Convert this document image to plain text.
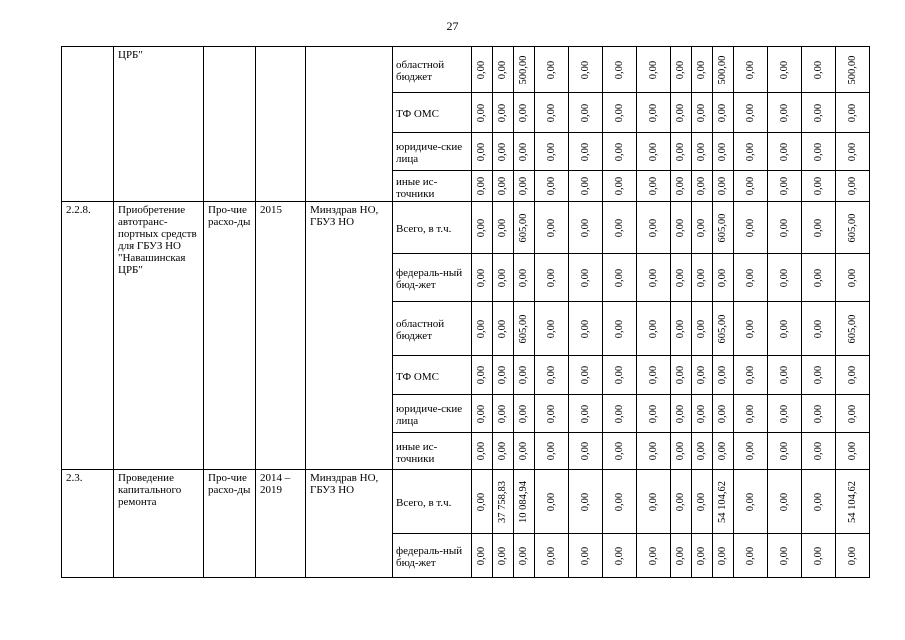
27
	ЦРБ"				областной бюджет	0,00	0,00	500,00	0,00	0,00	0,00	0,00	0,00	0,00	500,00	0,00	0,00	0,00	500,00

					ТФ ОМС	0,00	0,00	0,00	0,00	0,00	0,00	0,00	0,00	0,00	0,00	0,00	0,00	0,00	0,00

					юридиче-ские лица	0,00	0,00	0,00	0,00	0,00	0,00	0,00	0,00	0,00	0,00	0,00	0,00	0,00	0,00

					иные ис-точники	0,00	0,00	0,00	0,00	0,00	0,00	0,00	0,00	0,00	0,00	0,00	0,00	0,00	0,00

2.2.8.	Приобретение автотранс-портных средств для ГБУЗ НО "Навашинская ЦРБ"	Про-чие расхо-ды	2015	Минздрав НО, ГБУЗ НО	Всего, в т.ч.	0,00	0,00	605,00	0,00	0,00	0,00	0,00	0,00	0,00	605,00	0,00	0,00	0,00	605,00

					федераль-ный бюд-жет	0,00	0,00	0,00	0,00	0,00	0,00	0,00	0,00	0,00	0,00	0,00	0,00	0,00	0,00

					областной бюджет	0,00	0,00	605,00	0,00	0,00	0,00	0,00	0,00	0,00	605,00	0,00	0,00	0,00	605,00

					ТФ ОМС	0,00	0,00	0,00	0,00	0,00	0,00	0,00	0,00	0,00	0,00	0,00	0,00	0,00	0,00

					юридиче-ские лица	0,00	0,00	0,00	0,00	0,00	0,00	0,00	0,00	0,00	0,00	0,00	0,00	0,00	0,00

					иные ис-точники	0,00	0,00	0,00	0,00	0,00	0,00	0,00	0,00	0,00	0,00	0,00	0,00	0,00	0,00

2.3.	Проведение капитального ремонта	Про-чие расхо-ды	2014 – 2019	Минздрав НО, ГБУЗ НО	Всего, в т.ч.	0,00	37 758,83	10 084,94	0,00	0,00	0,00	0,00	0,00	0,00	54 104,62	0,00	0,00	0,00	54 104,62

					федераль-ный бюд-жет	0,00	0,00	0,00	0,00	0,00	0,00	0,00	0,00	0,00	0,00	0,00	0,00	0,00	0,00
